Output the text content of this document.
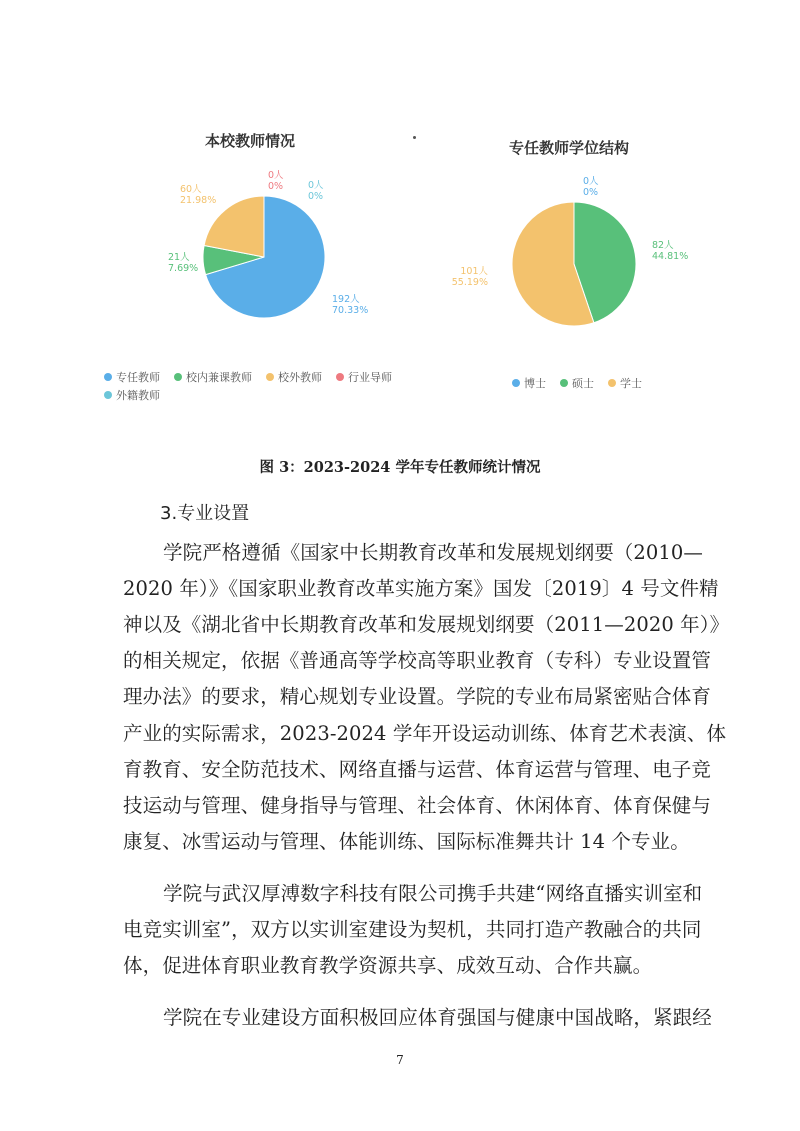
本校教师情况
192人
70.33%
21人
7.69%
60人
21.98%
0人
0%	0人
0%
专任教师 校内兼课教师 校外教师 行业导师外籍教师
专任教师学位结构
0人
0%
82人
44.81%
101人
55.19%
博士 硕士 学士

图 3：2023-2024 学年专任教师统计情况

3.专业设置

学院严格遵循《国家中长期教育改革和发展规划纲要（2010—

2020 年）》《国家职业教育改革实施方案》国发〔2019〕4 号文件精

神以及《湖北省中长期教育改革和发展规划纲要（2011—2020 年）》

的相关规定，依据《普通高等学校高等职业教育（专科）专业设置管

理办法》的要求，精心规划专业设置。学院的专业布局紧密贴合体育

产业的实际需求，2023-2024 学年开设运动训练、体育艺术表演、体

育教育、安全防范技术、网络直播与运营、体育运营与管理、电子竞

技运动与管理、健身指导与管理、社会体育、休闲体育、体育保健与

康复、冰雪运动与管理、体能训练、国际标准舞共计 14 个专业。

学院与武汉厚溥数字科技有限公司携手共建“网络直播实训室和

电竞实训室”，双方以实训室建设为契机，共同打造产教融合的共同

体，促进体育职业教育教学资源共享、成效互动、合作共赢。

学院在专业建设方面积极回应体育强国与健康中国战略，紧跟经

7
